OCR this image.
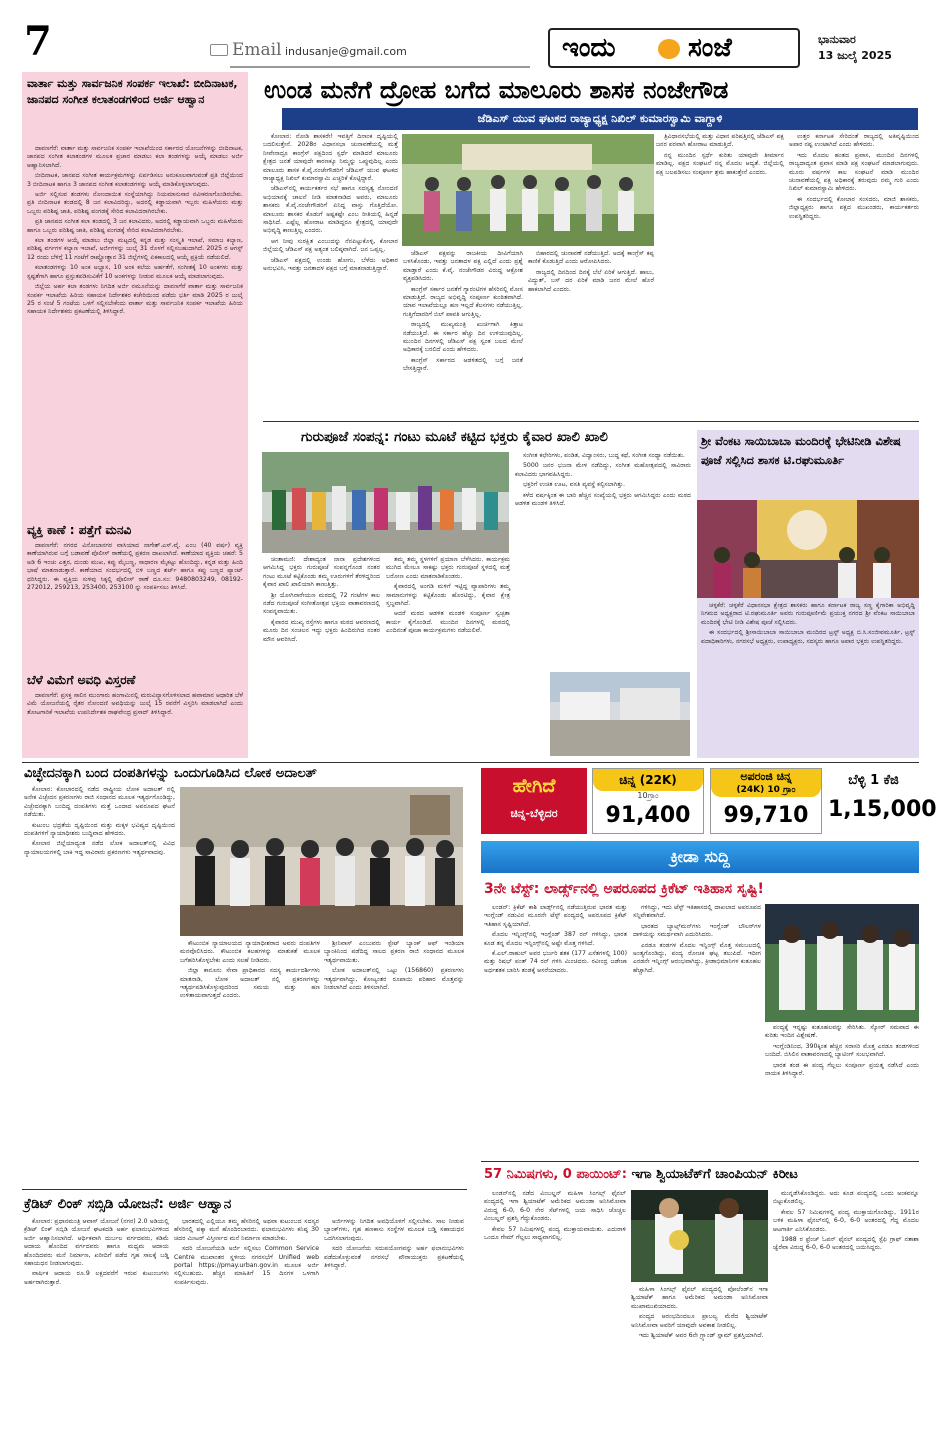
7	Email indusanje@gmail.com	ಇಂದು	ಸಂಜೆ	ಭಾನುವಾರ
13 ಜುಲೈ 2025
ವಾರ್ತಾ ಮತ್ತು ಸಾರ್ವಜನಿಕ ಸಂಪರ್ಕ ಇಲಾಖೆ: ಬೀದಿನಾಟಕ, ಜಾನಪದ ಸಂಗೀತ ಕಲಾತಂಡಗಳಿಂದ ಅರ್ಜಿ ಆಹ್ವಾನ

ದಾವಣಗೆರೆ: ವಾರ್ತಾ ಮತ್ತು ಸಾರ್ವಜನಿಕ ಸಂಪರ್ಕ ಇಲಾಖೆಯಿಂದ ಸರ್ಕಾರದ ಯೋಜನೆಗಳನ್ನು ಬೀದಿನಾಟಕ, ಜಾನಪದ ಸಂಗೀತ ಕಲಾತಂಡಗಳ ಮೂಲಕ ಪ್ರಚಾರ ಮಾಡಲು ಕಲಾ ತಂಡಗಳನ್ನು ಆಯ್ಕೆ ಮಾಡಲು ಅರ್ಜಿ ಆಹ್ವಾನಿಸಲಾಗಿದೆ.

ಬೀದಿನಾಟಕ, ಜಾನಪದ ಸಂಗೀತ ಕಾರ್ಯಕ್ರಮಗಳನ್ನು ಏರ್ಪಡಿಸಲು ಅನುಕೂಲವಾಗುವಂತೆ ಪ್ರತಿ ಜಿಲ್ಲೆಯಿಂದ 3 ಬೀದಿನಾಟಕ ಹಾಗೂ 3 ಜಾನಪದ ಸಂಗೀತ ಕಲಾತಂಡಗಳನ್ನು ಆಯ್ಕೆ ಮಾಡಿಕೊಳ್ಳಲಾಗುವುದು.

ಅರ್ಜಿ ಸಲ್ಲಿಸುವ ತಂಡಗಳು ನೋಂದಾಯಿತ ಸಂಸ್ಥೆಯಾಗಿದ್ದು ನಿಯಮಾನುಸಾರ ನವೀಕರಣಗೊಂಡಿರಬೇಕು. ಪ್ರತಿ ಬೀದಿನಾಟಕ ತಂಡದಲ್ಲಿ 8 ಜನ ಕಲಾವಿದರಿದ್ದು, ಅದರಲ್ಲಿ ಕಡ್ಡಾಯವಾಗಿ ಇಬ್ಬರು ಮಹಿಳೆಯರು ಮತ್ತು ಒಬ್ಬರು ಪರಿಶಿಷ್ಟ ಜಾತಿ, ಪರಿಶಿಷ್ಟ ಪಂಗಡಕ್ಕೆ ಸೇರಿದ ಕಲಾವಿದರಾಗಿರಬೇಕು.

ಪ್ರತಿ ಜಾನಪದ ಸಂಗೀತ ಕಲಾ ತಂಡದಲ್ಲಿ 3 ಜನ ಕಲಾವಿದರು, ಅದರಲ್ಲಿ ಕಡ್ಡಾಯವಾಗಿ ಒಬ್ಬರು ಮಹಿಳೆಯರು ಹಾಗೂ ಒಬ್ಬರು ಪರಿಶಿಷ್ಟ ಜಾತಿ, ಪರಿಶಿಷ್ಟ ಪಂಗಡಕ್ಕೆ ಸೇರಿದ ಕಲಾವಿದರಾಗಿರಬೇಕು.

ಕಲಾ ತಂಡಗಳ ಆಯ್ಕೆ ಮಾಡಲು ಜಿಲ್ಲಾ ಮಟ್ಟದಲ್ಲಿ ಕನ್ನಡ ಮತ್ತು ಸಂಸ್ಕೃತಿ ಇಲಾಖೆ, ಸಮಾಜ ಕಲ್ಯಾಣ, ಪರಿಶಿಷ್ಟ ವರ್ಗಗಳ ಕಲ್ಯಾಣ ಇಲಾಖೆ, ಅರ್ಜಿಗಳನ್ನು ಜುಲೈ 31 ರೊಳಗೆ ಸಲ್ಲಿಸಬಹುದಾಗಿದೆ. 2025 ರ ಆಗಸ್ಟ್ 12 ರಂದು ಬೆಳಿಗ್ಗೆ 11 ಗಂಟೆಗೆ ರಾಷ್ಟ್ರೋತ್ಥಾನ 31 ಜಿಲ್ಲೆಗಳಲ್ಲಿ ಏಕಕಾಲದಲ್ಲಿ ಆಯ್ಕೆ ಪ್ರಕ್ರಿಯೆ ನಡೆಯಲಿದೆ.

ಕಲಾತಂಡಗಳನ್ನು 10 ಅಂಕ ಅಭ್ಯಾಸ, 10 ಅಂಕ ಕಲೆಯ ಅರ್ಹತೆಗೆ, ಸಂಗೀತಕ್ಕೆ 10 ಅಂಕಗಳು ಮತ್ತು ಸ್ಪಷ್ಟತೆಗಾಗಿ ಹಾಗೂ ಪ್ರಸ್ತುತಪಡಿಸುವಿಕೆಗೆ 10 ಅಂಕಗಳನ್ನು ನೀಡುವ ಮೂಲಕ ಆಯ್ಕೆ ಮಾಡಲಾಗುವುದು.

ಜಿಲ್ಲೆಯ ಅರ್ಹ ಕಲಾ ತಂಡಗಳು ನಿಗದಿತ ಅರ್ಜಿ ನಮೂನೆಯನ್ನು ದಾವಣಗೆರೆ ವಾರ್ತಾ ಮತ್ತು ಸಾರ್ವಜನಿಕ ಸಂಪರ್ಕ ಇಲಾಖೆಯ ಹಿರಿಯ ಸಹಾಯಕ ನಿರ್ದೇಶಕರ ಕಚೇರಿಯಿಂದ ಪಡೆದು ಭರ್ತಿ ಮಾಡಿ 2025 ರ ಜುಲೈ 25 ರ ಸಂಜೆ 5 ಗಂಟೆಯ ಒಳಗೆ ಸಲ್ಲಿಸಬೇಕೆಂದು ವಾರ್ತಾ ಮತ್ತು ಸಾರ್ವಜನಿಕ ಸಂಪರ್ಕ ಇಲಾಖೆಯ ಹಿರಿಯ ಸಹಾಯಕ ನಿರ್ದೇಶಕರು ಪ್ರಕಟಣೆಯಲ್ಲಿ ತಿಳಿಸಿದ್ದಾರೆ.

ವ್ಯಕ್ತಿ ಕಾಣೆ : ಪತ್ತೆಗೆ ಮನವಿ

ದಾವಣಗೆರೆ: ನಗರದ ವಿನೋಬಾನಗರ ವಾಸಿಯಾದ ನಾಗೇಶ್.ಎಸ್.ವೈ. ಎಂಬ (40 ವರ್ಷ) ವ್ಯಕ್ತಿ ಕಾಣೆಯಾಗಿರುವ ಬಗ್ಗೆ ಬಡಾವಣೆ ಪೊಲೀಸ್ ಠಾಣೆಯಲ್ಲಿ ಪ್ರಕರಣ ದಾಖಲಾಗಿದೆ. ಕಾಣೆಯಾದ ವ್ಯಕ್ತಿಯ ಚಹರೆ: 5 ಅಡಿ 6 ಇಂಚು ಎತ್ತರ, ದುಂಡು ಮುಖ, ಕಪ್ಪು ಮೈಬಣ್ಣ, ಸಾಧಾರಣ ಮೈಕಟ್ಟು ಹೊಂದಿದ್ದು, ಕನ್ನಡ ಮತ್ತು ಹಿಂದಿ ಭಾಷೆ ಮಾತನಾಡುತ್ತಾರೆ. ಕಾಣೆಯಾದ ಸಂದರ್ಭದಲ್ಲಿ ಬಿಳಿ ಬಣ್ಣದ ಶರ್ಟ್ ಹಾಗೂ ಕಪ್ಪು ಬಣ್ಣದ ಪ್ಯಾಂಟ್ ಧರಿಸಿದ್ದರು. ಈ ವ್ಯಕ್ತಿಯ ಸುಳಿವು ಸಿಕ್ಕಲ್ಲಿ ಪೊಲೀಸ್ ಠಾಣೆ ದೂ.ಸಂ: 9480803249, 08192-272012, 259213, 253400, 253100 ನ್ನು ಸಂಪರ್ಕಿಸಲು ತಿಳಿಸಿದೆ.

ಬೆಳೆ ವಿಮೆಗೆ ಅವಧಿ ವಿಸ್ತರಣೆ

ದಾವಣಗೆರೆ: ಪ್ರಸಕ್ತ ಸಾಲಿನ ಮುಂಗಾರು ಹಂಗಾಮಿನಲ್ಲಿ ಮರುವಿನ್ಯಾಸಗೊಳಿಸಲಾದ ಹವಾಮಾನ ಆಧಾರಿತ ಬೆಳೆ ವಿಮೆ ಯೋಜನೆಯಲ್ಲಿ ರೈತರ ನೋಂದಣಿ ಅವಧಿಯನ್ನು ಜುಲೈ 15 ರವರೆಗೆ ವಿಸ್ತರಿಸಿ ಮಾಡಲಾಗಿದೆ ಎಂದು ತೋಟಗಾರಿಕೆ ಇಲಾಖೆಯ ಉಪನಿರ್ದೇಶಕ ರಾಘವೇಂದ್ರ ಪ್ರಸಾದ್ ತಿಳಿಸಿದ್ದಾರೆ.

ಉಂಡ ಮನೆಗೆ ದ್ರೋಹ ಬಗೆದ ಮಾಲೂರು ಶಾಸಕ ನಂಜೇಗೌಡ
ಜೆಡಿಎಸ್ ಯುವ ಘಟಕದ ರಾಜ್ಯಾಧ್ಯಕ್ಷ ನಿಖಿಲ್ ಕುಮಾರಸ್ವಾಮಿ ವಾಗ್ದಾಳಿ

ಕೋಲಾರ: ನೋಡಿ ಶಾಸಕರೇ! ಇವತ್ತಿಗೆ ದಿನಾಂಕ ದೃಷ್ಟಿಯಲ್ಲಿ ಬದಲಿಸುತ್ತೇನೆ. 2028ರ ವಿಧಾನಸಭಾ ಚುನಾವಣೆಯಲ್ಲಿ ಮತ್ತೆ ನೀವೇನಾದ್ರೂ ಕಾಂಗ್ರೆಸ್ ಪಕ್ಷದಿಂದ ಸ್ಪರ್ಧೆ ಮಾಡಿದರೆ ಮಾಲೂರು ಕ್ಷೇತ್ರದ ಜನತೆ ಯಾವುದೇ ಕಾರಣಕ್ಕೂ ನಿಮ್ಮನ್ನು ಒಪ್ಪುವುದಿಲ್ಲ ಎಂದು ಮಾಲೂರು ಶಾಸಕ ಕೆ.ವೈ.ನಂಜೇಗೌಡರಿಗೆ ಜೆಡಿಎಸ್ ಯುವ ಘಟಕದ ರಾಜ್ಯಾಧ್ಯಕ್ಷ ನಿಖಿಲ್ ಕುಮಾರಸ್ವಾಮಿ ಎಚ್ಚರಿಕೆ ಕೊಟ್ಟಿದ್ದಾರೆ.

ಜೆಡಿಎಸ್‌ನಲ್ಲಿ ಕಾರ್ಯಕರ್ತರ ಸಭೆ ಹಾಗೂ ಸದಸ್ಯತ್ವ ನೋಂದಣಿ ಅಭಿಯಾನಕ್ಕೆ ಚಾಲನೆ ನೀಡಿ ಮಾತನಾಡಿದ ಅವರು, ಮಾಲೂರು ಶಾಸಕರು ಕೆ.ವೈ.ನಂಜೇಗೌಡರಿಗೆ ಏನಿದ್ದ ವಾಸ್ತು ಗೊತ್ತಿದೆಯೋ. ಮಾಲೂರು ಶಾಸಕರ ಕೊಡುಗೆ ಅಷ್ಟಕಷ್ಟೇ ಎಂಬ ರೀತಿಯಲ್ಲಿ ಹಿನ್ನಡೆ ಸಾಧಿಸಿದೆ. ಎಷ್ಟೆಲ್ಲ ಹೋರಾಟ ಮಾಡಿದ್ದರೂ ಕ್ಷೇತ್ರದಲ್ಲಿ ಯಾವುದೇ ಅಭಿವೃದ್ಧಿ ಕಾಣುತ್ತಿಲ್ಲ ಎಂದರು.

ಆಗ ನೀವು ಸುರಕ್ಷಿತ ಎಂಬುದನ್ನು ನೆನಪಿಟ್ಟುಕೊಳ್ಳಿ, ಕೋಲಾರ ಜಿಲ್ಲೆಯಲ್ಲಿ ಜೆಡಿಎಸ್ ಪಕ್ಷ ಅತ್ಯಂತ ಬಲಿಷ್ಠವಾಗಿದೆ. ಜನ ಒಪ್ಪಲ್ಲ.

ಜೆಡಿಎಸ್ ಪಕ್ಷದಲ್ಲಿ ಉಂಡು ಹೋಗು, ಬೆಳೆದು ಅಧಿಕಾರ ಅನುಭವಿಸಿ, ಇವತ್ತು ಜನತಾದಳ ಪಕ್ಷದ ಬಗ್ಗೆ ಮಾತನಾಡುತ್ತಿದ್ದಾರೆ.

ಜೆಡಿಎಸ್ ಪಕ್ಷವನ್ನು ರಾಜಕೀಯ ದೀವಿಗೆಯಾಗಿ ಬಳಸಿಕೊಂಡು, ಇವತ್ತು ಜನತಾದಳ ಪಕ್ಷ ಎಲ್ಲಿದೆ ಎಂದು ಪ್ರಶ್ನೆ ಮಾಡ್ತಾರೆ ಎಂದು ಕೆ.ವೈ. ನಂಜೇಗೌಡರ ವಿರುದ್ಧ ಆಕ್ರೋಶ ವ್ಯಕ್ತಪಡಿಸಿದರು.

ಕಾಂಗ್ರೆಸ್ ಸರ್ಕಾರ ಜನತೆಗೆ ಗ್ಯಾರಂಟಿಗಳ ಹೆಸರಿನಲ್ಲಿ ಮೋಸ ಮಾಡುತ್ತಿದೆ. ರಾಜ್ಯದ ಅಭಿವೃದ್ಧಿ ಸಂಪೂರ್ಣ ಕುಂಠಿತವಾಗಿದೆ. ಯಾವ ಇಲಾಖೆಯಲ್ಲೂ ಹಣ ಇಲ್ಲದೆ ಕೆಲಸಗಳು ನಡೆಯುತ್ತಿಲ್ಲ. ಗುತ್ತಿಗೆದಾರರಿಗೆ ಬಿಲ್ ಪಾವತಿ ಆಗುತ್ತಿಲ್ಲ.

ರಾಜ್ಯದಲ್ಲಿ ಮುಖ್ಯಮಂತ್ರಿ ಖುರ್ಚಿಗಾಗಿ ಕಿತ್ತಾಟ ನಡೆಯುತ್ತಿದೆ. ಈ ಸರ್ಕಾರ ಹೆಚ್ಚು ದಿನ ಉಳಿಯುವುದಿಲ್ಲ. ಮುಂದಿನ ದಿನಗಳಲ್ಲಿ ಜೆಡಿಎಸ್ ಪಕ್ಷ ಸ್ವಂತ ಬಲದ ಮೇಲೆ ಅಧಿಕಾರಕ್ಕೆ ಬರಲಿದೆ ಎಂದು ಹೇಳಿದರು.

ಕಾಂಗ್ರೆಸ್ ಸರ್ಕಾರದ ಆಡಳಿತದಲ್ಲಿ ಬಗ್ಗೆ ಜನತೆ ಬೇಸತ್ತಿದ್ದಾರೆ.

ಬಿಹಾರದಲ್ಲಿ ಚುನಾವಣೆ ನಡೆಯುತ್ತಿದೆ. ಅದಕ್ಕೆ ಕಾಂಗ್ರೆಸ್ ಕಪ್ಪ ಕಾಣಿಕೆ ಕೊಡುತ್ತಿದೆ ಎಂದು ಆರೋಪಿಸಿದರು.

ರಾಜ್ಯದಲ್ಲಿ ದಿನದಿಂದ ದಿನಕ್ಕೆ ಬೆಲೆ ಏರಿಕೆ ಆಗುತ್ತಿದೆ. ಹಾಲು, ವಿದ್ಯುತ್, ಬಸ್ ದರ ಏರಿಕೆ ಮಾಡಿ ಜನರ ಮೇಲೆ ಹೊರೆ ಹಾಕಲಾಗಿದೆ ಎಂದರು.

ತ್ರಿವಿಧಾನಸಭೆಯಲ್ಲಿ ಮತ್ತು ವಿಧಾನ ಪರಿಷತ್ತಿನಲ್ಲಿ ಜೆಡಿಎಸ್ ಪಕ್ಷ ಜನರ ಪರವಾಗಿ ಹೋರಾಟ ಮಾಡುತ್ತಿದೆ.

ನನ್ನ ಮುಂದಿನ ಸ್ಪರ್ಧೆ ಕುರಿತು ಯಾವುದೇ ತೀರ್ಮಾನ ಮಾಡಿಲ್ಲ. ಪಕ್ಷದ ಸಂಘಟನೆ ನನ್ನ ಮೊದಲ ಆದ್ಯತೆ. ಜಿಲ್ಲೆಯಲ್ಲಿ ಪಕ್ಷ ಬಲಪಡಿಸಲು ಸಂಪೂರ್ಣ ಶ್ರಮ ಹಾಕುತ್ತೇನೆ ಎಂದರು.

ಉತ್ತರ ಕರ್ನಾಟಕ ಸೇರಿದಂತೆ ರಾಜ್ಯದಲ್ಲಿ ಅತಿವೃಷ್ಟಿಯಿಂದ ಅಪಾರ ನಷ್ಟ ಉಂಟಾಗಿದೆ ಎಂದು ಹೇಳಿದರು.

ಇದು ಮೊದಲ ಹಂತದ ಪ್ರವಾಸ, ಮುಂದಿನ ದಿನಗಳಲ್ಲಿ ರಾಜ್ಯದಾದ್ಯಂತ ಪ್ರವಾಸ ಮಾಡಿ ಪಕ್ಷ ಸಂಘಟನೆ ಮಾಡಲಾಗುವುದು. ಮೂರು ವರ್ಷಗಳ ಕಾಲ ಸಂಘಟನೆ ಮಾಡಿ ಮುಂದಿನ ಚುನಾವಣೆಯಲ್ಲಿ ಪಕ್ಷ ಅಧಿಕಾರಕ್ಕೆ ತರುವುದು ನಮ್ಮ ಗುರಿ ಎಂದು ನಿಖಿಲ್ ಕುಮಾರಸ್ವಾಮಿ ಹೇಳಿದರು.

ಈ ಸಂದರ್ಭದಲ್ಲಿ ಕೋಲಾರ ಸಂಸದರು, ಮಾಜಿ ಶಾಸಕರು, ಜಿಲ್ಲಾಧ್ಯಕ್ಷರು ಹಾಗೂ ಪಕ್ಷದ ಮುಖಂಡರು, ಕಾರ್ಯಕರ್ತರು ಉಪಸ್ಥಿತರಿದ್ದರು.

ಗುರುಪೂಜೆ ಸಂಪನ್ನ: ಗಂಟು ಮೂಟೆ ಕಟ್ಟಿದ ಭಕ್ತರು ಕೈವಾರ ಖಾಲಿ ಖಾಲಿ

ಚಿಂತಾಮಣಿ: ದೇಶಾದ್ಯಂತ ನಾನಾ ಪ್ರದೇಶಗಳಿಂದ ಆಗಮಿಸಿದ್ದ ಭಕ್ತರು ಗುರುಪೂಜೆ ಸಂಪನ್ನಗೊಂಡ ನಂತರ ಗಂಟು ಮೂಟೆ ಕಟ್ಟಿಕೊಂಡು ತಮ್ಮ ಊರುಗಳಿಗೆ ತೆರಳಿದ್ದರಿಂದ ಕೈವಾರ ಖಾಲಿ ಖಾಲಿಯಾಗಿ ಕಾಣುತ್ತಿತ್ತು.

ಶ್ರೀ ಯೋಗಿನಾರೇಯಣ ಮಠದಲ್ಲಿ 72 ಗಂಟೆಗಳ ಕಾಲ ನಡೆದ ಗುರುಪೂಜೆ ಸಂಗೀತೋತ್ಸವ ಭಕ್ತಿಯ ವಾತಾವರಣದಲ್ಲಿ ಸಂಪನ್ನವಾಯಿತು.

ಕೈವಾರದ ಮುಖ್ಯ ರಸ್ತೆಗಳು ಹಾಗೂ ಮಠದ ಆವರಣದಲ್ಲಿ ಮೂರು ದಿನ ಸಂಚಲನ ಇದ್ದು ಭಕ್ತರು ಹಿಂದಿರುಗಿದ ನಂತರ ಮೌನ ಆವರಿಸಿದೆ.

ತಮ್ಮ ತಮ್ಮ ಸ್ಥಳಗಳಿಗೆ ಪ್ರಯಾಣ ಬೆಳೆಸಿದರು. ಕಾರ್ಯಕ್ರಮ ಮುಗಿದ ಮೇಲೂ ಸಾಕಷ್ಟು ಭಕ್ತರು ಗುರುಪೂಜೆ ಸ್ಥಳದಲ್ಲಿ ಮತ್ತೆ ಬರೋಣ ಎಂದು ಮಾತನಾಡಿಕೊಂಡರು.

ಕೈವಾರದಲ್ಲಿ ಅಂಗಡಿ ಮಳಿಗೆ ಇಟ್ಟಿದ್ದ ವ್ಯಾಪಾರಿಗಳು ತಮ್ಮ ಸಾಮಾನುಗಳನ್ನು ಕಟ್ಟಿಕೊಂಡು ಹೊರಟಿದ್ದು, ಕೈವಾರ ಕ್ಷೇತ್ರ ಸ್ತಬ್ಧವಾಗಿದೆ.

ಆದರೆ ಮಠದ ಆಡಳಿತ ಮಂಡಳಿ ಸಂಪೂರ್ಣ ಸ್ವಚ್ಛತಾ ಕಾರ್ಯ ಕೈಗೊಂಡಿದೆ. ಮುಂದಿನ ದಿನಗಳಲ್ಲಿ ಮಠದಲ್ಲಿ ಎಂದಿನಂತೆ ಪೂಜಾ ಕಾರ್ಯಕ್ರಮಗಳು ನಡೆಯಲಿವೆ.

ಸಂಗೀತ ಕಛೇರಿಗಳು, ಪಂಡಿತ, ವಿದ್ವಾಂಸರು, ಬುದ್ಧ ಕಥೆ, ಸಂಗೀತ ಸಂಧ್ಯಾ ನಡೆಯಿತು.

5000 ಜನರ ಭಜನಾ ಮೇಳ ನಡೆದಿದ್ದು, ಸಂಗೀತ ಮಹೋತ್ಸವದಲ್ಲಿ ಸಾವಿರಾರು ಕಲಾವಿದರು ಭಾಗವಹಿಸಿದ್ದರು.

ಭಕ್ತರಿಗೆ ಉಚಿತ ಊಟ, ವಸತಿ ವ್ಯವಸ್ಥೆ ಕಲ್ಪಿಸಲಾಗಿತ್ತು.

ಕಳೆದ ವರ್ಷಕ್ಕಿಂತ ಈ ಬಾರಿ ಹೆಚ್ಚಿನ ಸಂಖ್ಯೆಯಲ್ಲಿ ಭಕ್ತರು ಆಗಮಿಸಿದ್ದರು ಎಂದು ಮಠದ ಆಡಳಿತ ಮಂಡಳಿ ತಿಳಿಸಿದೆ.

ಶ್ರೀ ವೆಂಕಟ ಸಾಯಿಬಾಬಾ ಮಂದಿರಕ್ಕೆ ಭೇಟಿನೀಡಿ ವಿಶೇಷ ಪೂಜೆ ಸಲ್ಲಿಸಿದ ಶಾಸಕ ಟಿ.ರಘುಮೂರ್ತಿ

ಚಳ್ಳಕೆರೆ: ಚಳ್ಳಕೆರೆ ವಿಧಾನಸಭಾ ಕ್ಷೇತ್ರದ ಶಾಸಕರು ಹಾಗೂ ಕರ್ನಾಟಕ ರಾಜ್ಯ ಸಣ್ಣ ಕೈಗಾರಿಕಾ ಅಭಿವೃದ್ಧಿ ನಿಗಮದ ಅಧ್ಯಕ್ಷರಾದ ಟಿ.ರಘುಮೂರ್ತಿ ಅವರು ಗುರುಪೂರ್ಣಿಮೆ ಪ್ರಯುಕ್ತ ನಗರದ ಶ್ರೀ ವೆಂಕಟ ಸಾಯಿಬಾಬಾ ಮಂದಿರಕ್ಕೆ ಭೇಟಿ ನೀಡಿ ವಿಶೇಷ ಪೂಜೆ ಸಲ್ಲಿಸಿದರು.

ಈ ಸಂದರ್ಭದಲ್ಲಿ ಶ್ರೀಸಾಯಿಬಾಬಾ ಸಾಯಿಬಾಬಾ ಮಂದಿರದ ಟ್ರಸ್ಟ್ ಅಧ್ಯಕ್ಷ ಬಿ.ಸಿ.ಸಂಜೀವಮೂರ್ತಿ, ಟ್ರಸ್ಟ್ ಪದಾಧಿಕಾರಿಗಳು, ನಗರಸಭೆ ಅಧ್ಯಕ್ಷರು, ಉಪಾಧ್ಯಕ್ಷರು, ಸದಸ್ಯರು ಹಾಗೂ ಅಪಾರ ಭಕ್ತರು ಉಪಸ್ಥಿತರಿದ್ದರು.

ವಿಚ್ಛೇದನಕ್ಕಾಗಿ ಬಂದ ದಂಪತಿಗಳನ್ನು ಒಂದುಗೂಡಿಸಿದ ಲೋಕ ಅದಾಲತ್

ಕೋಲಾರ: ಕೋಲಾರದಲ್ಲಿ ನಡೆದ ರಾಷ್ಟ್ರೀಯ ಲೋಕ ಅದಾಲತ್ ನಲ್ಲಿ ಅನೇಕ ವಿಚ್ಛೇದನ ಪ್ರಕರಣಗಳು ರಾಜಿ ಸಂಧಾನದ ಮೂಲಕ ಇತ್ಯರ್ಥಗೊಂಡಿದ್ದು, ವಿಚ್ಛೇದನಕ್ಕಾಗಿ ಬಂದಿದ್ದ ದಂಪತಿಗಳು ಮತ್ತೆ ಒಂದಾದ ಅಪರೂಪದ ಘಟನೆ ನಡೆಯಿತು.

ಕುಟುಂಬ ಭದ್ರತೆಯ ದೃಷ್ಟಿಯಿಂದ ಮತ್ತು ಮಕ್ಕಳ ಭವಿಷ್ಯದ ದೃಷ್ಟಿಯಿಂದ ದಂಪತಿಗಳಿಗೆ ನ್ಯಾಯಾಧೀಶರು ಬುದ್ಧಿವಾದ ಹೇಳಿದರು.

ಕೋಲಾರ ಜಿಲ್ಲೆಯಾದ್ಯಂತ ನಡೆದ ಲೋಕ ಅದಾಲತ್‌ನಲ್ಲಿ ವಿವಿಧ ನ್ಯಾಯಾಲಯಗಳಲ್ಲಿ ಬಾಕಿ ಇದ್ದ ಸಾವಿರಾರು ಪ್ರಕರಣಗಳು ಇತ್ಯರ್ಥವಾದವು.

ಕೌಟುಂಬಿಕ ನ್ಯಾಯಾಲಯದ ನ್ಯಾಯಾಧೀಶರಾದ ಅವರು ದಂಪತಿಗಳ ಮನವೊಲಿಸಿದರು. ಕೌಟುಂಬಿಕ ಕಲಹಗಳನ್ನು ಮಾತುಕತೆ ಮೂಲಕ ಬಗೆಹರಿಸಿಕೊಳ್ಳಬೇಕು ಎಂದು ಸಲಹೆ ನೀಡಿದರು.

ಜಿಲ್ಲಾ ಕಾನೂನು ಸೇವಾ ಪ್ರಾಧಿಕಾರದ ಸದಸ್ಯ ಕಾರ್ಯದರ್ಶಿಗಳು ಮಾತನಾಡಿ, ಲೋಕ ಅದಾಲತ್ ನಲ್ಲಿ ಪ್ರಕರಣಗಳನ್ನು ಇತ್ಯರ್ಥಪಡಿಸಿಕೊಳ್ಳುವುದರಿಂದ ಸಮಯ ಮತ್ತು ಹಣ ಉಳಿತಾಯವಾಗುತ್ತದೆ ಎಂದರು.

ಶ್ರೀನಿವಾಸ್ ಎಂಬುವರು ಸ್ಟೇಟ್ ಬ್ಯಾಂಕ್ ಆಫ್ ಇಂಡಿಯಾ ಬ್ಯಾಂಕಿನಿಂದ ಪಡೆದಿದ್ದ ಸಾಲದ ಪ್ರಕರಣ ರಾಜಿ ಸಂಧಾನದ ಮೂಲಕ ಇತ್ಯರ್ಥವಾಯಿತು.

ಲೋಕ ಅದಾಲತ್‌ನಲ್ಲಿ ಒಟ್ಟು (156860) ಪ್ರಕರಣಗಳು ಇತ್ಯರ್ಥವಾಗಿದ್ದು, ಕೋಟ್ಯಂತರ ರೂಪಾಯಿ ಪರಿಹಾರ ಮೊತ್ತವನ್ನು ನೀಡಲಾಗಿದೆ ಎಂದು ತಿಳಿಸಲಾಗಿದೆ.

ಕ್ರೆಡಿಟ್ ಲಿಂಕ್ ಸಬ್ಸಿಡಿ ಯೋಜನೆ: ಅರ್ಜಿ ಆಹ್ವಾನ

ಕೋಲಾರ: ಪ್ರಧಾನಮಂತ್ರಿ ಆವಾಸ್ ಯೋಜನೆ (ನಗರ) 2.0 ಅಡಿಯಲ್ಲಿ ಕ್ರೆಡಿಟ್ ಲಿಂಕ್ ಸಬ್ಸಿಡಿ ಯೋಜನೆ ಘಟಕದಡಿ ಅರ್ಹ ಫಲಾನುಭವಿಗಳಿಂದ ಅರ್ಜಿ ಆಹ್ವಾನಿಸಲಾಗಿದೆ. ಆರ್ಥಿಕವಾಗಿ ದುರ್ಬಲ ವರ್ಗದವರು, ಕಡಿಮೆ ಆದಾಯ ಹೊಂದಿದ ವರ್ಗದವರು ಹಾಗೂ ಮಧ್ಯಮ ಆದಾಯ ಹೊಂದಿದವರು ಮನೆ ನಿರ್ಮಾಣ, ಖರೀದಿಗೆ ಪಡೆದ ಗೃಹ ಸಾಲಕ್ಕೆ ಬಡ್ಡಿ ಸಹಾಯಧನ ನೀಡಲಾಗುವುದು.

ವಾರ್ಷಿಕ ಆದಾಯ ರೂ.9 ಲಕ್ಷದವರೆಗೆ ಇರುವ ಕುಟುಂಬಗಳು ಅರ್ಹರಾಗಿರುತ್ತಾರೆ.

ಭಾರತದಲ್ಲಿ ಎಲ್ಲಿಯೂ ತಮ್ಮ ಹೆಸರಿನಲ್ಲಿ ಅಥವಾ ಕುಟುಂಬದ ಸದಸ್ಯರ ಹೆಸರಿನಲ್ಲಿ ಪಕ್ಕಾ ಮನೆ ಹೊಂದಿರಬಾರದು. ಫಲಾನುಭವಿಗಳು ಕನಿಷ್ಠ 30 ಚದರ ಮೀಟರ್ ವಿಸ್ತೀರ್ಣದ ಮನೆ ನಿರ್ಮಾಣ ಮಾಡಬೇಕು.

ಸದರಿ ಯೋಜನೆಯಡಿ ಅರ್ಜಿ ಸಲ್ಲಿಸಲು Common Service Centre ಮುಖಾಂತರ ಸ್ಥಳೀಯ ನಗರಸಭೆಗೆ Unified web portal https://pmay.urban.gov.in ಮೂಲಕ ಅರ್ಜಿ ಸಲ್ಲಿಸಬಹುದು. ಹೆಚ್ಚಿನ ಮಾಹಿತಿಗೆ 15 ದಿನಗಳ ಒಳಗಾಗಿ ಸಂಪರ್ಕಿಸುವುದು.

ಅರ್ಜಿಗಳನ್ನು ನಿಗದಿತ ಅವಧಿಯೊಳಗೆ ಸಲ್ಲಿಸಬೇಕು. ಸಾಲ ನೀಡುವ ಬ್ಯಾಂಕ್‌ಗಳು, ಗೃಹ ಹಣಕಾಸು ಸಂಸ್ಥೆಗಳ ಮೂಲಕ ಬಡ್ಡಿ ಸಹಾಯಧನ ಒದಗಿಸಲಾಗುವುದು.

ಸದರಿ ಯೋಜನೆಯ ಸದುಪಯೋಗವನ್ನು ಅರ್ಹ ಫಲಾನುಭವಿಗಳು ಪಡೆದುಕೊಳ್ಳುವಂತೆ ನಗರಸಭೆ ಪೌರಾಯುಕ್ತರು ಪ್ರಕಟಣೆಯಲ್ಲಿ ತಿಳಿಸಿದ್ದಾರೆ.

ಹೇಗಿದೆ
ಚಿನ್ನ-ಬೆಳ್ಳಿದರ
ಚಿನ್ನ (22K)
10ಗ್ರಾಂ
91,400
ಅಪರಂಜಿ ಚಿನ್ನ
(24K) 10 ಗ್ರಾಂ
99,710
ಬೆಳ್ಳಿ 1 ಕೆಜಿ
1,15,000
ಕ್ರೀಡಾ ಸುದ್ದಿ
3ನೇ ಟೆಸ್ಟ್: ಲಾರ್ಡ್ಸ್‌ನಲ್ಲಿ ಅಪರೂಪದ ಕ್ರಿಕೆಟ್ ಇತಿಹಾಸ ಸೃಷ್ಟಿ!

ಲಂಡನ್: ಕ್ರಿಕೆಟ್ ಕಾಶಿ ಲಾರ್ಡ್ಸ್‌ನಲ್ಲಿ ನಡೆಯುತ್ತಿರುವ ಭಾರತ ಮತ್ತು ಇಂಗ್ಲೆಂಡ್ ನಡುವಿನ ಮೂರನೇ ಟೆಸ್ಟ್ ಪಂದ್ಯದಲ್ಲಿ ಅಪರೂಪದ ಕ್ರಿಕೆಟ್ ಇತಿಹಾಸ ಸೃಷ್ಟಿಯಾಗಿದೆ.

ಮೊದಲ ಇನ್ನಿಂಗ್ಸ್‌ನಲ್ಲಿ ಇಂಗ್ಲೆಂಡ್ 387 ರನ್ ಗಳಿಸಿದ್ದು, ಭಾರತ ಕೂಡ ತನ್ನ ಮೊದಲ ಇನ್ನಿಂಗ್ಸ್‌ನಲ್ಲಿ ಅಷ್ಟೇ ಮೊತ್ತ ಗಳಿಸಿದೆ.

ಕೆ.ಎಲ್.ರಾಹುಲ್ ಅವರ ಭರ್ಜರಿ ಶತಕ (177 ಎಸೆತಗಳಲ್ಲಿ 100) ಮತ್ತು ರಿಷಭ್ ಪಂತ್ 74 ರನ್ ಗಳಿಸಿ ಮಿಂಚಿದರು. ರವೀಂದ್ರ ಜಡೇಜಾ ಅರ್ಧಶತಕ ಬಾರಿಸಿ ತಂಡಕ್ಕೆ ಆಸರೆಯಾದರು.

ಗಳಿಸಿದ್ದು, ಇದು ಟೆಸ್ಟ್ ಇತಿಹಾಸದಲ್ಲಿ ದಾಖಲಾದ ಅಪರೂಪದ ಸನ್ನಿವೇಶವಾಗಿದೆ.

ಭಾರತದ ಬ್ಯಾಟ್ಸ್‌ಮನ್‌ಗಳು ಇಂಗ್ಲೆಂಡ್ ಬೌಲರ್‌ಗಳ ದಾಳಿಯನ್ನು ಸಮರ್ಥವಾಗಿ ಎದುರಿಸಿದರು.

ಎರಡೂ ತಂಡಗಳ ಮೊದಲ ಇನ್ನಿಂಗ್ಸ್ ಮೊತ್ತ ಸಮಬಲದಲ್ಲಿ ಅಂತ್ಯಗೊಂಡಿದ್ದು, ಪಂದ್ಯ ರೋಚಕ ಘಟ್ಟ ತಲುಪಿದೆ. ಇದೀಗ ಎರಡನೇ ಇನ್ನಿಂಗ್ಸ್ ಆರಂಭವಾಗಿದ್ದು, ಕ್ರೀಡಾಭಿಮಾನಿಗಳ ಕುತೂಹಲ ಹೆಚ್ಚಾಗಿದೆ.

ಪಂದ್ಯಕ್ಕೆ ಇನ್ನಷ್ಟು ಕುತೂಹಲವನ್ನು ಸೇರಿಸಿತು. ಸ್ಕೋರ್ ಸಮವಾದ ಈ ಕುರಿತು ಇಂದಿನ ವಿಶ್ಲೇಷಣೆ.

ಇಂಗ್ಲೆಂಡಿನಿಂದ, 390ಕ್ಕಿಂತ ಹೆಚ್ಚಿನ ಸರಾಸರಿ ಮೊತ್ತ ಎರಡೂ ತಂಡಗಳಿಂದ ಬಂದಿದೆ. ಬಿಸಿಲಿನ ವಾತಾವರಣದಲ್ಲಿ ಬ್ಯಾಟಿಂಗ್ ಸುಲಭವಾಗಿದೆ.

ಭಾರತ ತಂಡ ಈ ಪಂದ್ಯ ಗೆಲ್ಲಲು ಸಂಪೂರ್ಣ ಪ್ರಯತ್ನ ನಡೆಸಿದೆ ಎಂದು ನಾಯಕ ತಿಳಿಸಿದ್ದಾರೆ.

57 ನಿಮಿಷಗಳು, 0 ಪಾಯಿಂಟ್: ಇಗಾ ಶ್ವಿಯಾಟೆಕ್‌ಗೆ ಚಾಂಪಿಯನ್ ಕಿರೀಟ

ಲಂಡನ್‌ನಲ್ಲಿ ನಡೆದ ವಿಂಬಲ್ಡನ್ ಮಹಿಳಾ ಸಿಂಗಲ್ಸ್ ಫೈನಲ್ ಪಂದ್ಯದಲ್ಲಿ ಇಗಾ ಶ್ವಿಯಾಟೆಕ್ ಅಮೆರಿಕದ ಅಮಂಡಾ ಅನಿಸಿಮೋವಾ ವಿರುದ್ಧ 6-0, 6-0 ನೇರ ಸೆಟ್‌ಗಳಲ್ಲಿ ಜಯ ಸಾಧಿಸಿ ಚೊಚ್ಚಲ ವಿಂಬಲ್ಡನ್ ಪ್ರಶಸ್ತಿ ಗೆದ್ದುಕೊಂಡರು.

ಕೇವಲ 57 ನಿಮಿಷಗಳಲ್ಲಿ ಪಂದ್ಯ ಮುಕ್ತಾಯವಾಯಿತು. ಎದುರಾಳಿ ಒಂದೂ ಗೇಮ್ ಗೆಲ್ಲಲು ಸಾಧ್ಯವಾಗಲಿಲ್ಲ.

ಮಹಿಳಾ ಸಿಂಗಲ್ಸ್ ಫೈನಲ್ ಪಂದ್ಯದಲ್ಲಿ ಪೋಲೆಂಡ್‌ನ ಇಗಾ ಶ್ವಿಯಾಟೆಕ್ ಹಾಗೂ ಅಮೆರಿಕದ ಅಮಂಡಾ ಅನಿಸಿಮೋವಾ ಮುಖಾಮುಖಿಯಾದರು.

ಪಂದ್ಯದ ಆರಂಭದಿಂದಲೂ ಪ್ರಾಬಲ್ಯ ಮೆರೆದ ಶ್ವಿಯಾಟೆಕ್ ಅನಿಸಿಮೋವಾ ಅವರಿಗೆ ಯಾವುದೇ ಅವಕಾಶ ನೀಡಲಿಲ್ಲ.

ಇದು ಶ್ವಿಯಾಟೆಕ್ ಅವರ 6ನೇ ಗ್ರ್ಯಾಂಡ್ ಸ್ಲಾಮ್ ಪ್ರಶಸ್ತಿಯಾಗಿದೆ.

ಮುನ್ನಡೆಸಿಕೊಂಡಿದ್ದರು. ಅದು ಕೂಡ ಪಂದ್ಯದಲ್ಲಿ ಒಂದು ಅಂಕವನ್ನೂ ಬಿಟ್ಟುಕೊಡಲಿಲ್ಲ.

ಕೇವಲ 57 ನಿಮಿಷಗಳಲ್ಲಿ ಪಂದ್ಯ ಮುಕ್ತಾಯಗೊಂಡಿದ್ದು, 1911ರ ಬಳಿಕ ಮಹಿಳಾ ಫೈನಲ್‌ನಲ್ಲಿ 6-0, 6-0 ಅಂತರದಲ್ಲಿ ಗೆದ್ದ ಮೊದಲ ಆಟಗಾರ್ತಿ ಎನಿಸಿಕೊಂಡರು.

1988 ರ ಫ್ರೆಂಚ್ ಓಪನ್ ಫೈನಲ್ ಪಂದ್ಯದಲ್ಲಿ ಸ್ಟೆಫಿ ಗ್ರಾಫ್ ನತಾಶಾ ಜ್ವೆರೆವಾ ವಿರುದ್ಧ 6-0, 6-0 ಅಂತರದಲ್ಲಿ ಜಯಿಸಿದ್ದರು.
